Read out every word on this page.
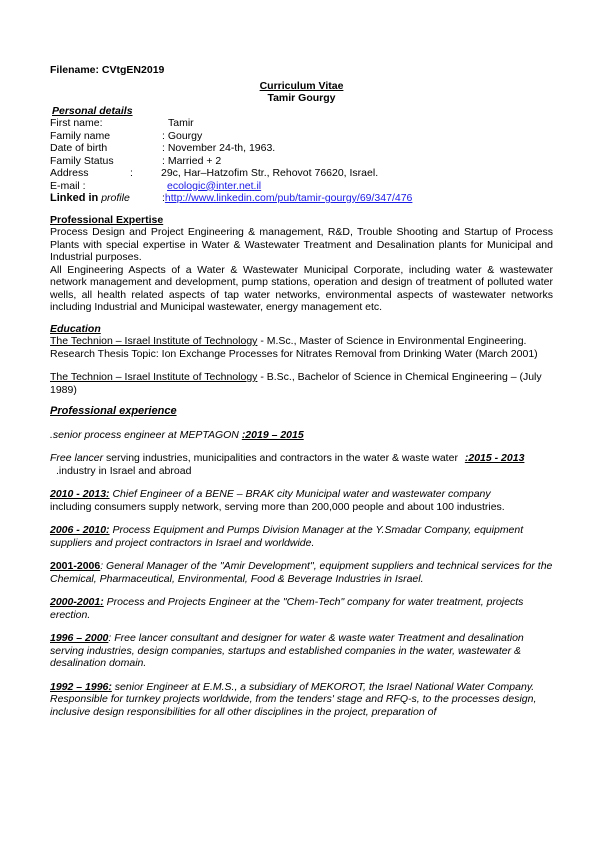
Filename: CVtgEN2019
Curriculum Vitae
Tamir Gourgy
Personal details
First name:	Tamir
Family name	: Gourgy
Date of birth	: November 24-th, 1963.
Family Status	: Married + 2
Address	:	29c, Har–Hatzofim Str., Rehovot 76620, Israel.
E-mail :	ecologic@inter.net.il
Linked in profile	: http://www.linkedin.com/pub/tamir-gourgy/69/347/476
Professional Expertise

Process Design and Project Engineering & management, R&D, Trouble Shooting and Startup of Process Plants with special expertise in Water & Wastewater Treatment and Desalination plants for Municipal and Industrial purposes.

All Engineering Aspects of a Water & Wastewater Municipal Corporate, including water & wastewater network management and development, pump stations, operation and design of treatment of polluted water wells, all health related aspects of tap water networks, environmental aspects of wastewater networks including Industrial and Municipal wastewater, energy management etc.

Education
The Technion – Israel Institute of Technology - M.Sc., Master of Science in Environmental Engineering.

Research Thesis Topic: Ion Exchange Processes for Nitrates Removal from Drinking Water (March 2001)

The Technion – Israel Institute of Technology - B.Sc., Bachelor of Science in Chemical Engineering – (July 1989)
Professional experience
.senior process engineer at MEPTAGON :2019 – 2015
Free lancer serving industries, municipalities and contractors in the water & waste water :2015 - 2013
.industry in Israel and abroad
2010 - 2013: Chief Engineer of a BENE – BRAK city Municipal water and wastewater company
including consumers supply network, serving more than 200,000 people and about 100 industries.

2006 - 2010: Process Equipment and Pumps Division Manager at the Y.Smadar Company, equipment suppliers and project contractors in Israel and worldwide.

2001-2006: General Manager of the "Amir Development", equipment suppliers and technical services for the Chemical, Pharmaceutical, Environmental, Food & Beverage Industries in Israel.

2000-2001: Process and Projects Engineer at the "Chem-Tech" company for water treatment, projects erection.

1996 – 2000: Free lancer consultant and designer for water & waste water Treatment and desalination serving industries, design companies, startups and established companies in the water, wastewater & desalination domain.

1992 – 1996: senior Engineer at E.M.S., a subsidiary of MEKOROT, the Israel National Water Company. Responsible for turnkey projects worldwide, from the tenders' stage and RFQ-s, to the processes design, inclusive design responsibilities for all other disciplines in the project, preparation of
